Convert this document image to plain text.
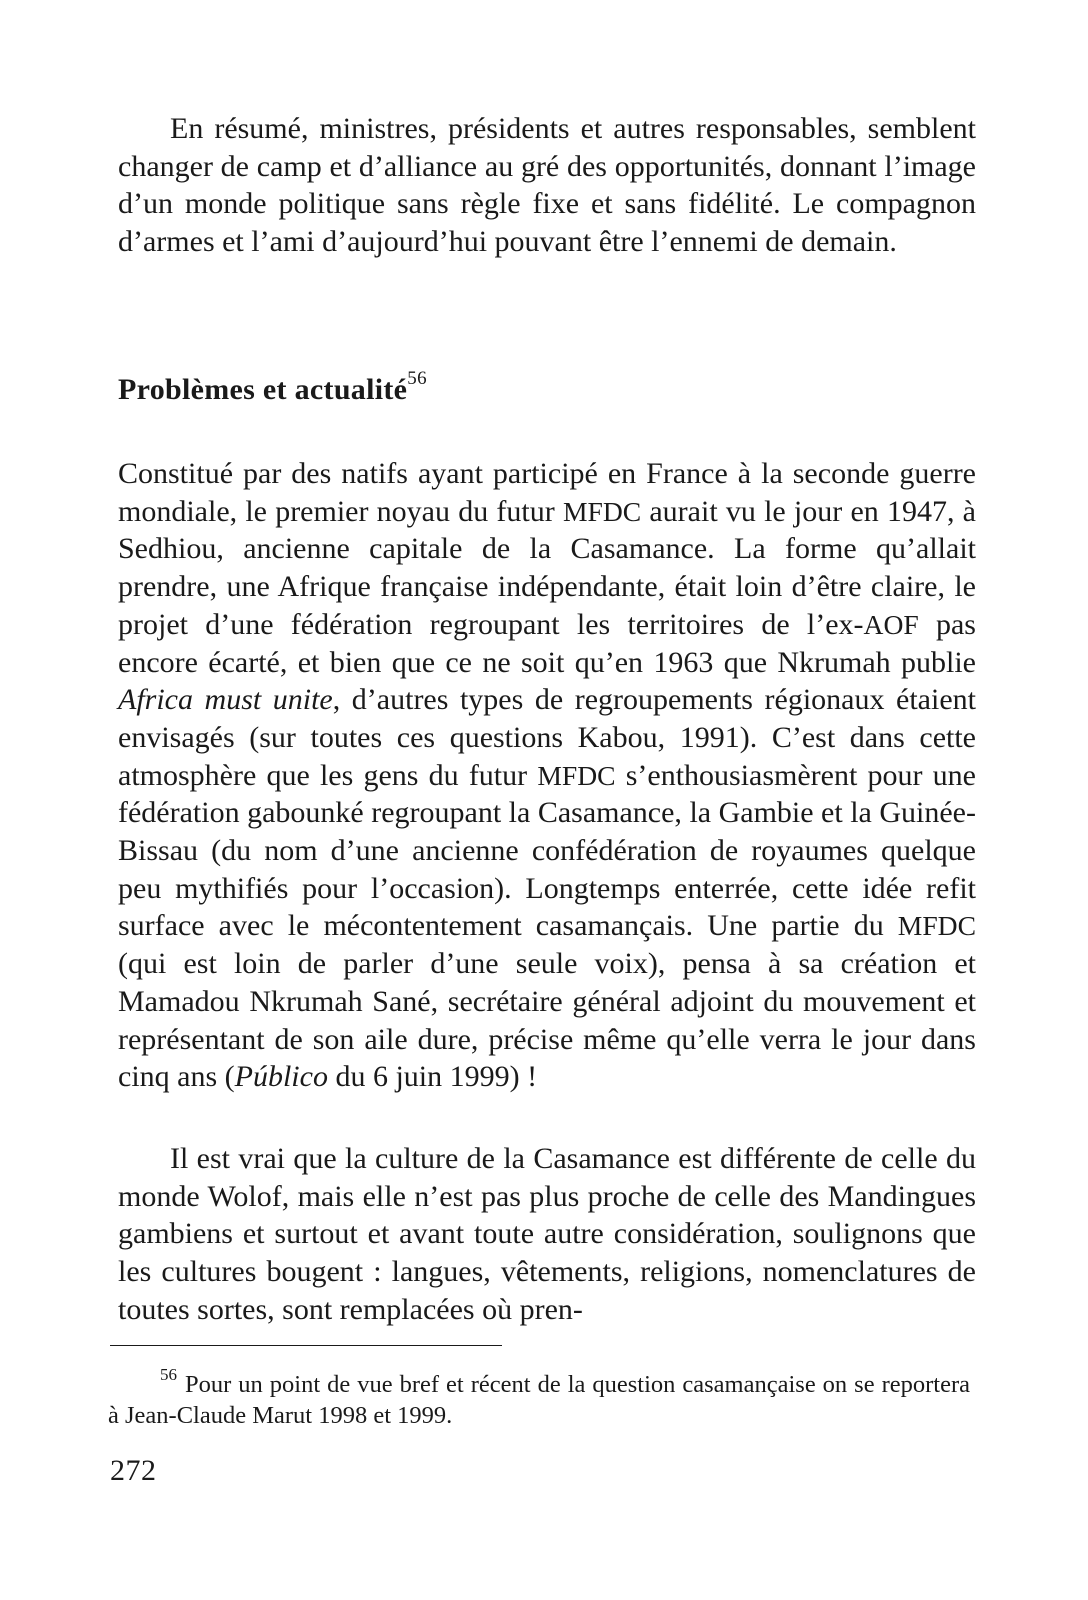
En résumé, ministres, présidents et autres responsables, semblent changer de camp et d’alliance au gré des opportunités, donnant l’image d’un monde politique sans règle fixe et sans fidélité. Le compagnon d’armes et l’ami d’aujourd’hui pouvant être l’ennemi de demain.

Problèmes et actualité$^{56}$

Constitué par des natifs ayant participé en France à la seconde guerre mondiale, le premier noyau du futur MFDC aurait vu le jour en 1947, à Sedhiou, ancienne capitale de la Casamance. La forme qu’allait prendre, une Afrique française indépendante, était loin d’être claire, le projet d’une fédération regroupant les territoires de l’ex-AOF pas encore écarté, et bien que ce ne soit qu’en 1963 que Nkrumah publie Africa must unite, d’autres types de regroupements régionaux étaient envisagés (sur toutes ces questions Kabou, 1991). C’est dans cette atmosphère que les gens du futur MFDC s’enthousiasmèrent pour une fédération gabounké regroupant la Casamance, la Gambie et la Guinée-Bissau (du nom d’une ancienne confédération de royaumes quelque peu mythifiés pour l’occasion). Longtemps enterrée, cette idée refit surface avec le mécontentement casamançais. Une partie du MFDC (qui est loin de parler d’une seule voix), pensa à sa création et Mamadou Nkrumah Sané, secrétaire général adjoint du mouvement et représentant de son aile dure, précise même qu’elle verra le jour dans cinq ans (Público du 6 juin 1999) !

Il est vrai que la culture de la Casamance est différente de celle du monde Wolof, mais elle n’est pas plus proche de celle des Mandingues gambiens et surtout et avant toute autre considération, soulignons que les cultures bougent : langues, vêtements, religions, nomenclatures de toutes sortes, sont remplacées où pren-

$^{56}$ Pour un point de vue bref et récent de la question casamançaise on se reportera à Jean-Claude Marut 1998 et 1999.

272
